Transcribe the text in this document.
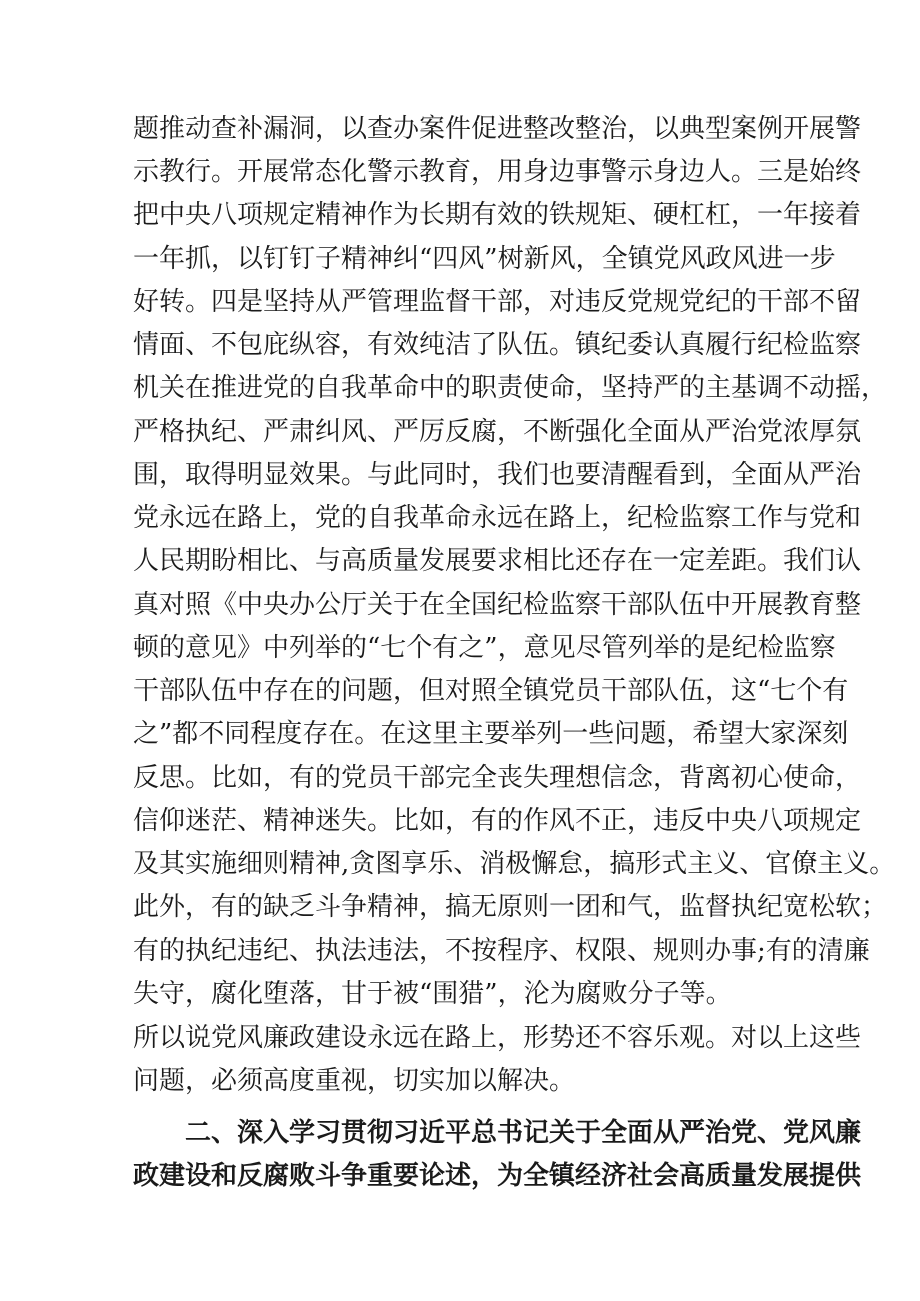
题推动查补漏洞，以查办案件促进整改整治，以典型案例开展警
示教行。开展常态化警示教育，用身边事警示身边人。三是始终
把中央八项规定精神作为长期有效的铁规矩、硬杠杠，一年接着
一年抓，以钉钉子精神纠“四风”树新风，全镇党风政风进一步
好转。四是坚持从严管理监督干部，对违反党规党纪的干部不留
情面、不包庇纵容，有效纯洁了队伍。镇纪委认真履行纪检监察
机关在推进党的自我革命中的职责使命，坚持严的主基调不动摇，
严格执纪、严肃纠风、严厉反腐，不断强化全面从严治党浓厚氛
围，取得明显效果。与此同时，我们也要清醒看到，全面从严治
党永远在路上，党的自我革命永远在路上，纪检监察工作与党和
人民期盼相比、与高质量发展要求相比还存在一定差距。我们认
真对照《中央办公厅关于在全国纪检监察干部队伍中开展教育整
顿的意见》中列举的“七个有之”，意见尽管列举的是纪检监察
干部队伍中存在的问题，但对照全镇党员干部队伍，这“七个有
之”都不同程度存在。在这里主要举列一些问题，希望大家深刻
反思。比如，有的党员干部完全丧失理想信念，背离初心使命，
信仰迷茫、精神迷失。比如，有的作风不正，违反中央八项规定
及其实施细则精神,贪图享乐、消极懈怠，搞形式主义、官僚主义。
此外，有的缺乏斗争精神，搞无原则一团和气，监督执纪宽松软；
有的执纪违纪、执法违法，不按程序、权限、规则办事;有的清廉
失守，腐化堕落，甘于被“围猎”，沦为腐败分子等。
所以说党风廉政建设永远在路上，形势还不容乐观。对以上这些
问题，必须高度重视，切实加以解决。
二、深入学习贯彻习近平总书记关于全面从严治党、党风廉
政建设和反腐败斗争重要论述，为全镇经济社会高质量发展提供
